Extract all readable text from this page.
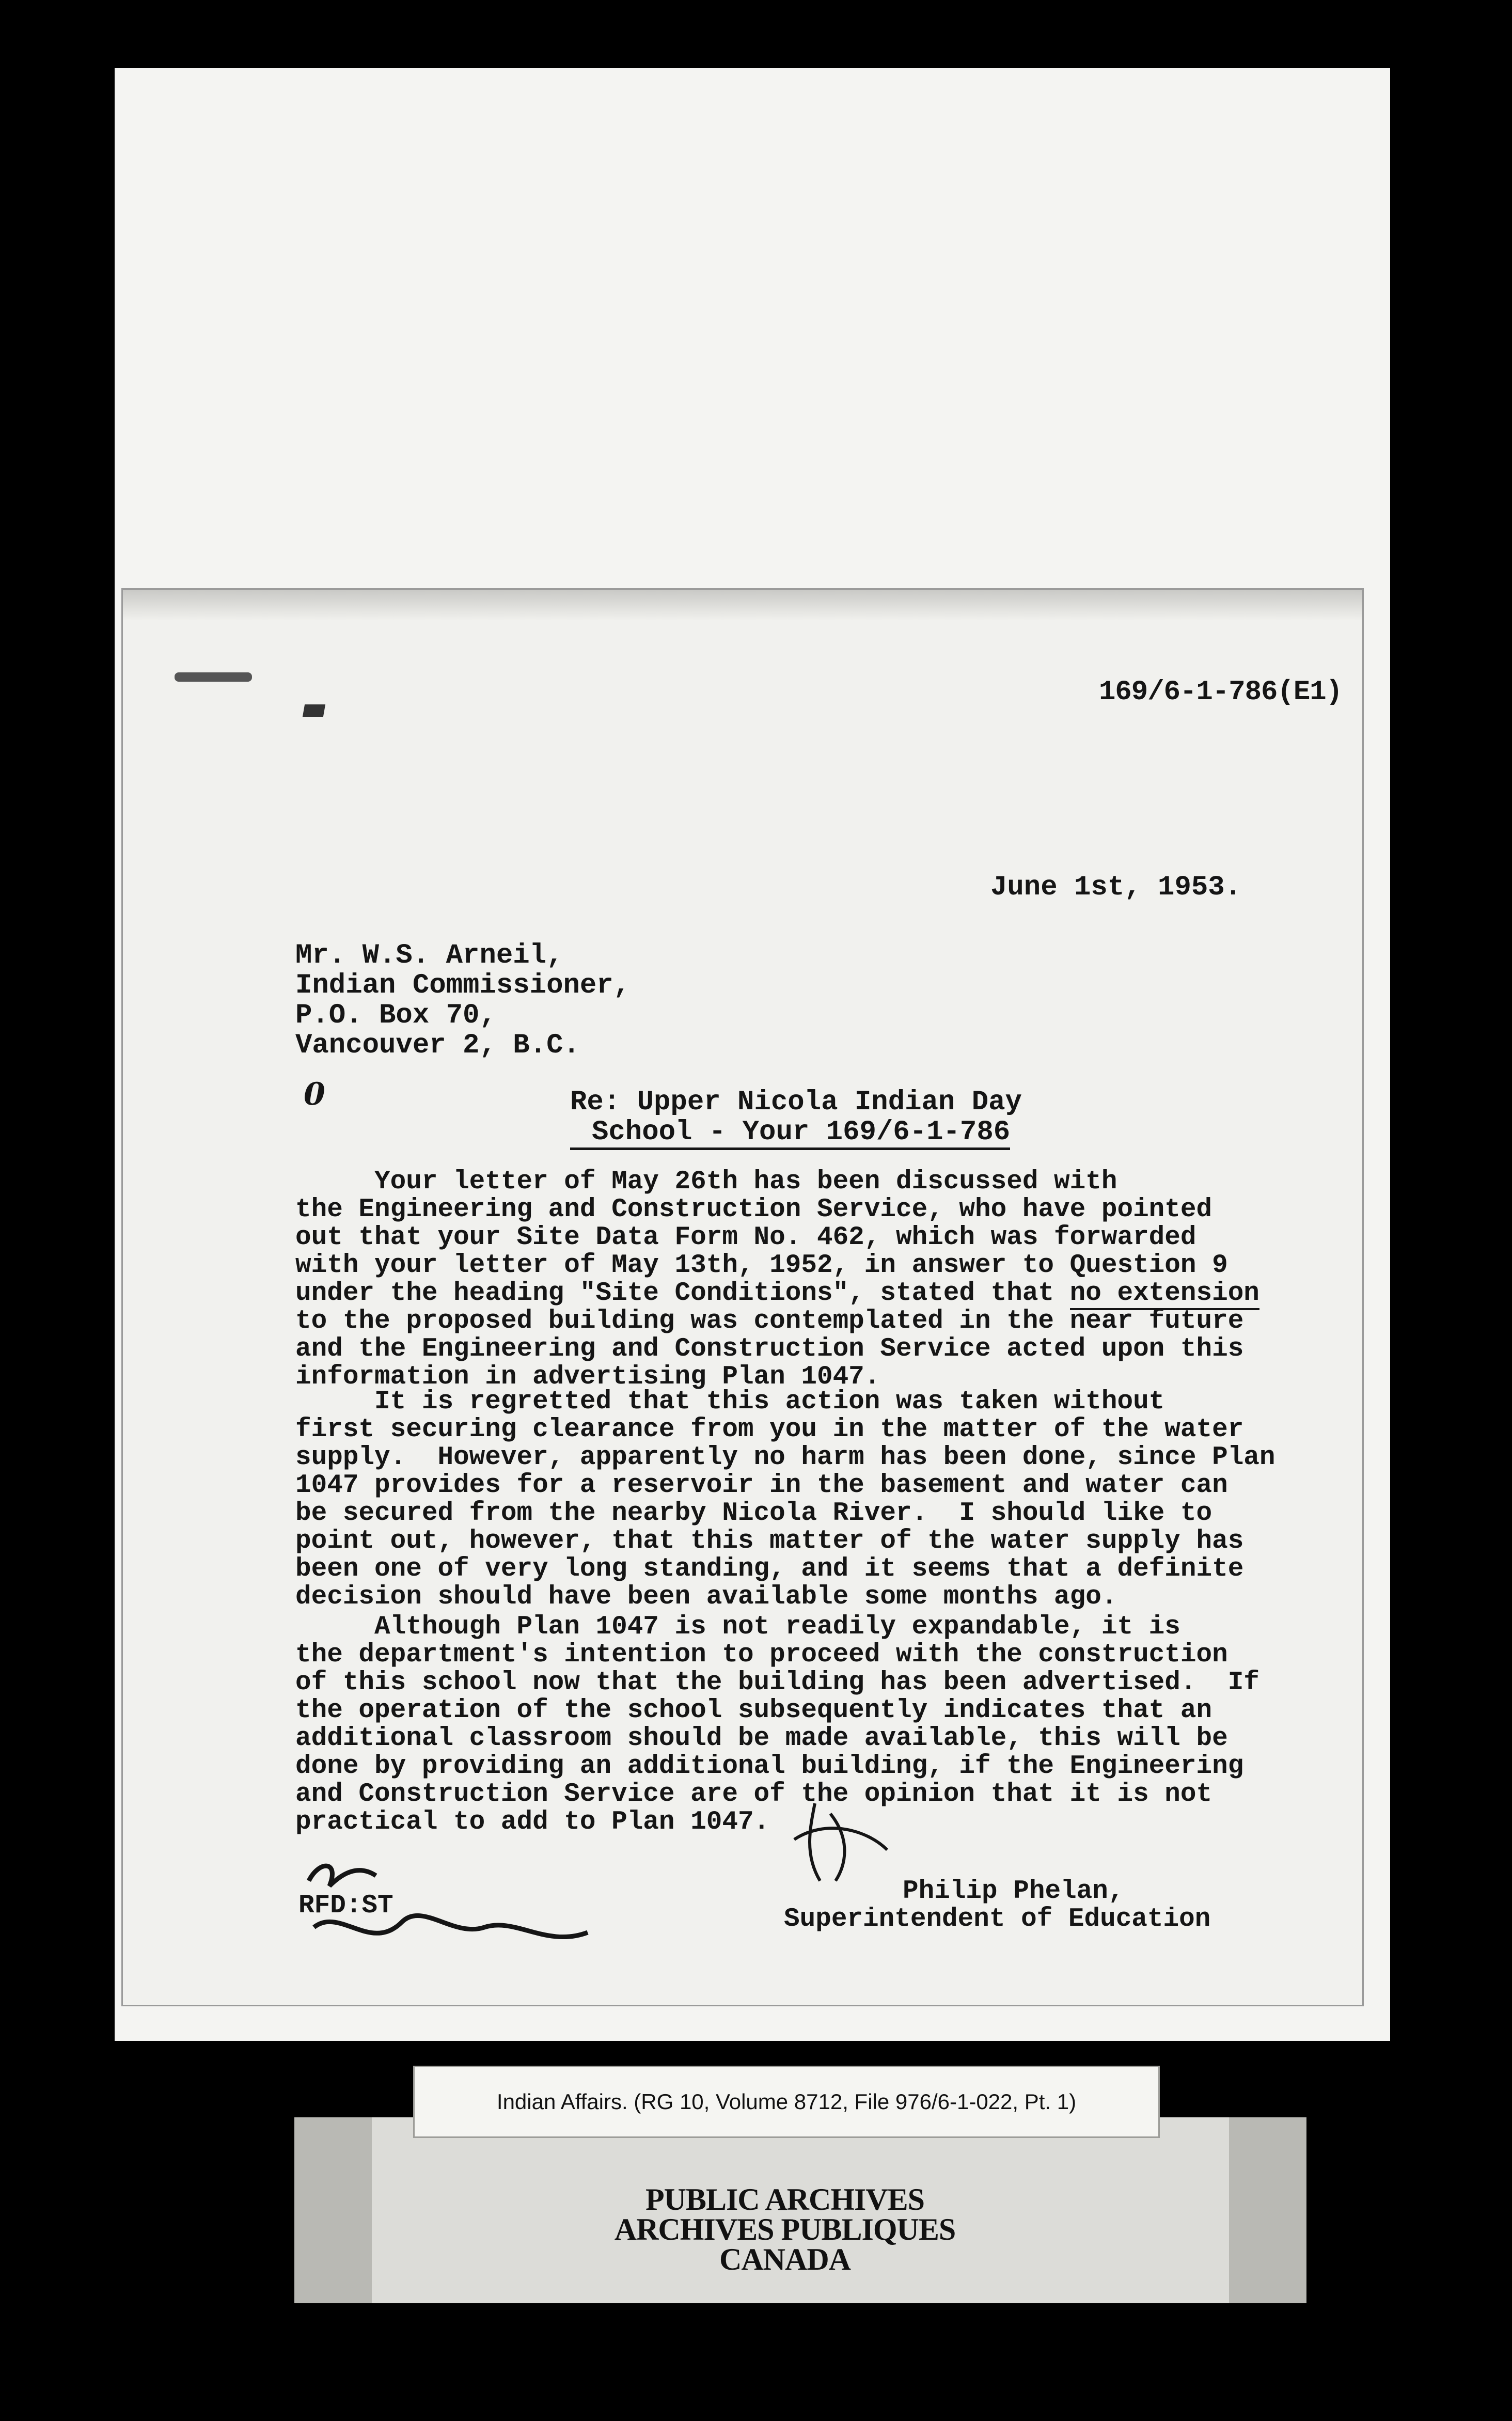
169/6-1-786(E1)
June 1st, 1953.
Mr. W.S. Arneil,
Indian Commissioner,
P.O. Box 70,
Vancouver 2, B.C.
0	Re: Upper Nicola Indian Day
School - Your 169/6-1-786
Your letter of May 26th has been discussed with
the Engineering and Construction Service, who have pointed
out that your Site Data Form No. 462, which was forwarded
with your letter of May 13th, 1952, in answer to Question 9
under the heading "Site Conditions", stated that no extension
to the proposed building was contemplated in the near future
and the Engineering and Construction Service acted upon this
information in advertising Plan 1047.
It is regretted that this action was taken without
first securing clearance from you in the matter of the water
supply.  However, apparently no harm has been done, since Plan
1047 provides for a reservoir in the basement and water can
be secured from the nearby Nicola River.  I should like to
point out, however, that this matter of the water supply has
been one of very long standing, and it seems that a definite
decision should have been available some months ago.
Although Plan 1047 is not readily expandable, it is
the department's intention to proceed with the construction
of this school now that the building has been advertised.  If
the operation of the school subsequently indicates that an
additional classroom should be made available, this will be
done by providing an additional building, if the Engineering
and Construction Service are of the opinion that it is not
practical to add to Plan 1047.
Philip Phelan,
Superintendent of Education
RFD:ST
Indian Affairs. (RG 10, Volume 8712, File 976/6-1-022, Pt. 1)
PUBLIC ARCHIVES
ARCHIVES PUBLIQUES
CANADA
